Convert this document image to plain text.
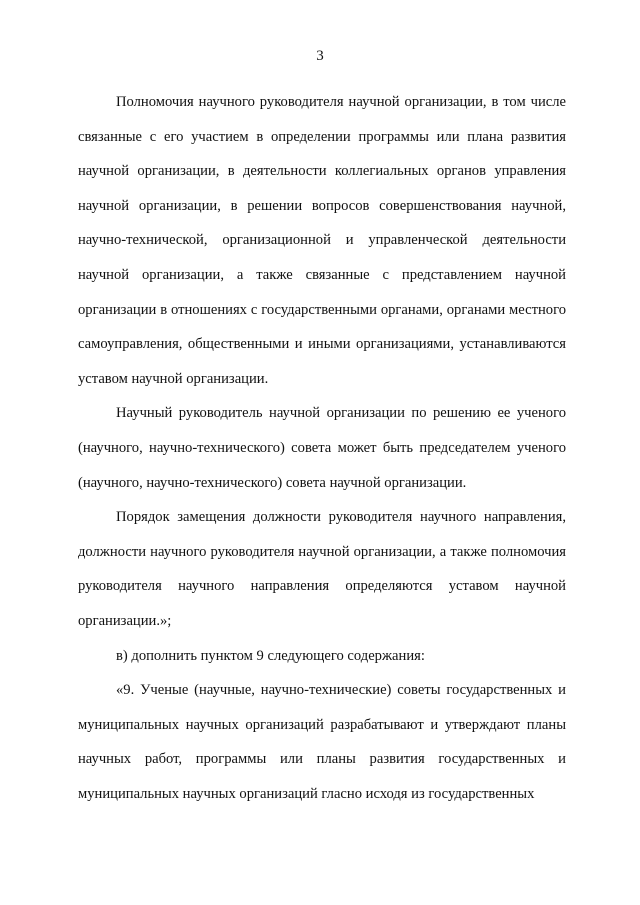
3

Полномочия научного руководителя научной организации, в том числе связанные с его участием в определении программы или плана развития научной организации, в деятельности коллегиальных органов управления научной организации, в решении вопросов совершенствования научной, научно-технической, организационной и управленческой деятельности научной организации, а также связанные с представлением научной организации в отношениях с государственными органами, органами местного самоуправления, общественными и иными организациями, устанавливаются уставом научной организации.

Научный руководитель научной организации по решению ее ученого (научного, научно-технического) совета может быть председателем ученого (научного, научно-технического) совета научной организации.

Порядок замещения должности руководителя научного направления, должности научного руководителя научной организации, а также полномочия руководителя научного направления определяются уставом научной организации.»;

в) дополнить пунктом 9 следующего содержания:

«9. Ученые (научные, научно-технические) советы государственных и муниципальных научных организаций разрабатывают и утверждают планы научных работ, программы или планы развития государственных и муниципальных научных организаций гласно исходя из государственных
